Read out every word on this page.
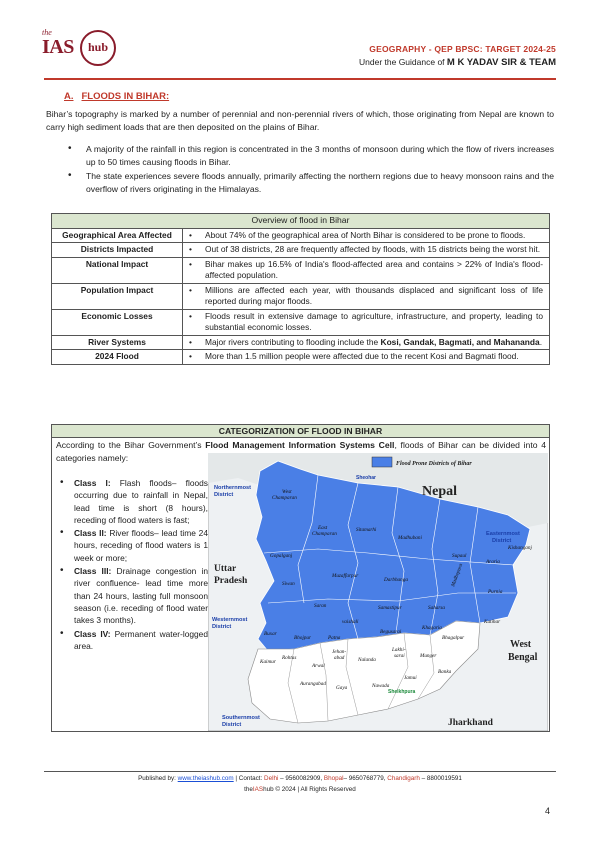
the
IAS hub	GEOGRAPHY - QEP BPSC: TARGET 2024-25
Under the Guidance of M K YADAV SIR & TEAM
A. FLOODS IN BIHAR:

Bihar’s topography is marked by a number of perennial and non-perennial rivers of which, those originating from Nepal are known to carry high sediment loads that are then deposited on the plains of Bihar.

• A majority of the rainfall in this region is concentrated in the 3 months of monsoon during which the flow of rivers increases up to 50 times causing floods in Bihar.
• The state experiences severe floods annually, primarily affecting the northern regions due to heavy monsoon rains and the overflow of rivers originating in the Himalayas.
Overview of flood in Bihar	
Geographical Area Affected	• About 74% of the geographical area of North Bihar is considered to be prone to floods.

Districts Impacted	• Out of 38 districts, 28 are frequently affected by floods, with 15 districts being the worst hit.

National Impact	• Bihar makes up 16.5% of India's flood-affected area and contains > 22% of India's flood-affected population.

Population Impact	• Millions are affected each year, with thousands displaced and significant loss of life reported during major floods.

Economic Losses	• Floods result in extensive damage to agriculture, infrastructure, and property, leading to substantial economic losses.

River Systems	• Major rivers contributing to flooding include the Kosi, Gandak, Bagmati, and Mahananda.

2024 Flood	• More than 1.5 million people were affected due to the recent Kosi and Bagmati flood.
CATEGORIZATION OF FLOOD IN BIHAR

According to the Bihar Government’s Flood Management Information Systems Cell, floods of Bihar can be divided into 4 categories namely:

• Class I: Flash floods– floods occurring due to rainfall in Nepal, lead time is short (8 hours), receding of flood waters is fast;
• Class II: River floods– lead time 24 hours, receding of flood waters is 1 week or more;
• Class III: Drainage congestion in river confluence- lead time more than 24 hours, lasting full monsoon season (i.e. receding of flood water takes 3 months).
• Class IV: Permanent water-logged area.
Flood Prone Districts of Bihar
Nepal
Uttar Pradesh
West Bengal
Jharkhand
Northernmost District
Easternmost District
Westernmost District
Southernmost District
Sheohar
Sheikhpura
West Champaran
East Champaran
Sitamarhi
Madhubani
Supaul
Araria
Kishanganj
Gopalganj
Siwan
Muzaffarpur
Darbhanga	Madhepura
Purnia
Saran
vaishali
Samastipur	Saharsa
Katihar
Buxar
Bhojpur	Patna
Begusarai
Khagaria
Bhagalpur
Kaimur
Rohtas
Arwal
Jehan-abad	Nalanda
Lakhi-sarai	Munger
Aurangabad
Gaya	Nawada
Jamui
Banka
Published by: www.theiashub.com | Contact: Delhi – 9560082909, Bhopal– 9650768779, Chandigarh – 8800019591
theIAShub © 2024 | All Rights Reserved
4
